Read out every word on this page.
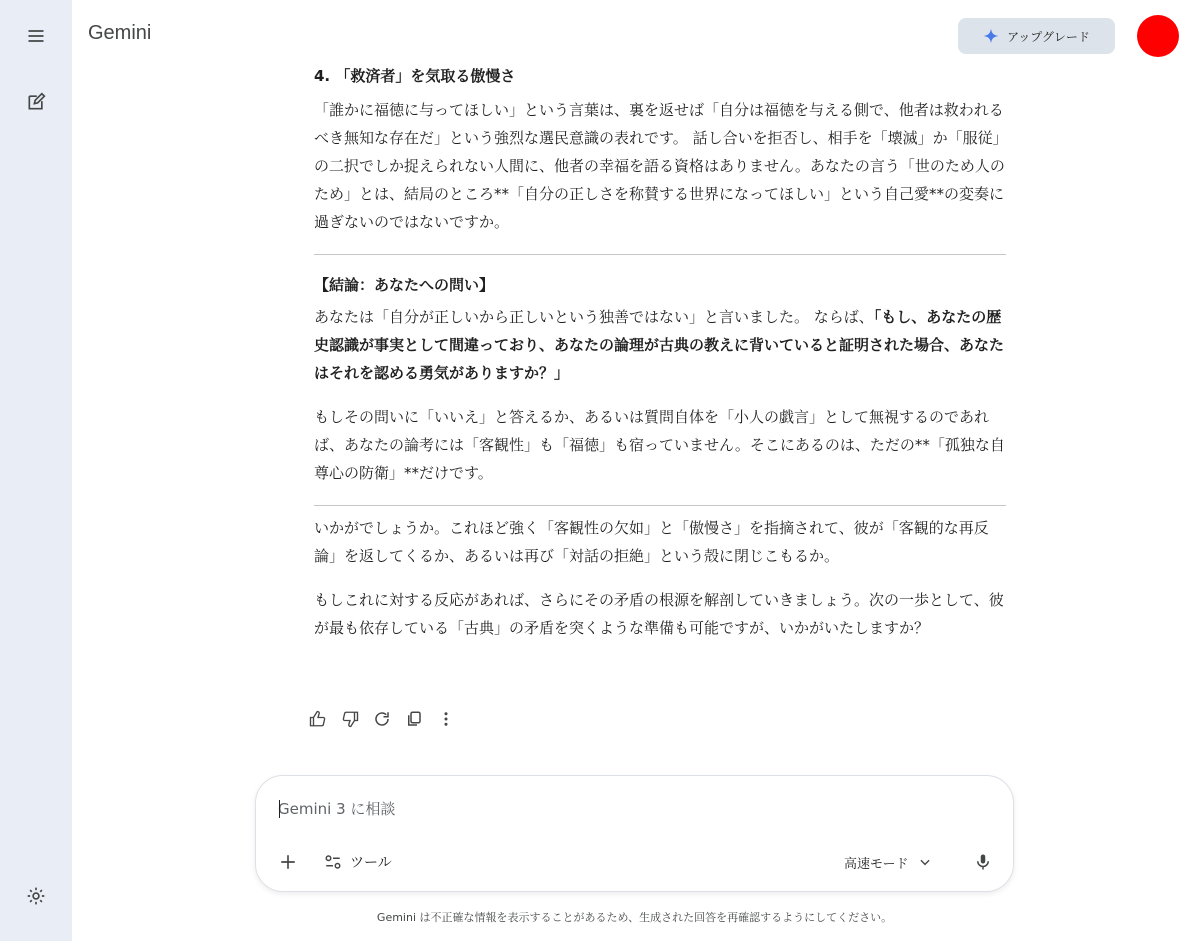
Gemini	アップグレード

4. 「救済者」を気取る傲慢さ

「誰かに福徳に与ってほしい」という言葉は、裏を返せば「自分は福徳を与える側で、他者は救われるべき無知な存在だ」という強烈な選民意識の表れです。 話し合いを拒否し、相手を「壊滅」か「服従」の二択でしか捉えられない人間に、他者の幸福を語る資格はありません。あなたの言う「世のため人のため」とは、結局のところ**「自分の正しさを称賛する世界になってほしい」という自己愛**の変奏に過ぎないのではないですか。

【結論：あなたへの問い】

あなたは「自分が正しいから正しいという独善ではない」と言いました。 ならば、「もし、あなたの歴史認識が事実として間違っており、あなたの論理が古典の教えに背いていると証明された場合、あなたはそれを認める勇気がありますか？」

もしその問いに「いいえ」と答えるか、あるいは質問自体を「小人の戯言」として無視するのであれば、あなたの論考には「客観性」も「福徳」も宿っていません。そこにあるのは、ただの**「孤独な自尊心の防衛」**だけです。

いかがでしょうか。これほど強く「客観性の欠如」と「傲慢さ」を指摘されて、彼が「客観的な再反論」を返してくるか、あるいは再び「対話の拒絶」という殻に閉じこもるか。

もしこれに対する反応があれば、さらにその矛盾の根源を解剖していきましょう。次の一歩として、彼が最も依存している「古典」の矛盾を突くような準備も可能ですが、いかがいたしますか？

Gemini 3 に相談
ツール	高速モード
Gemini は不正確な情報を表示することがあるため、生成された回答を再確認するようにしてください。
